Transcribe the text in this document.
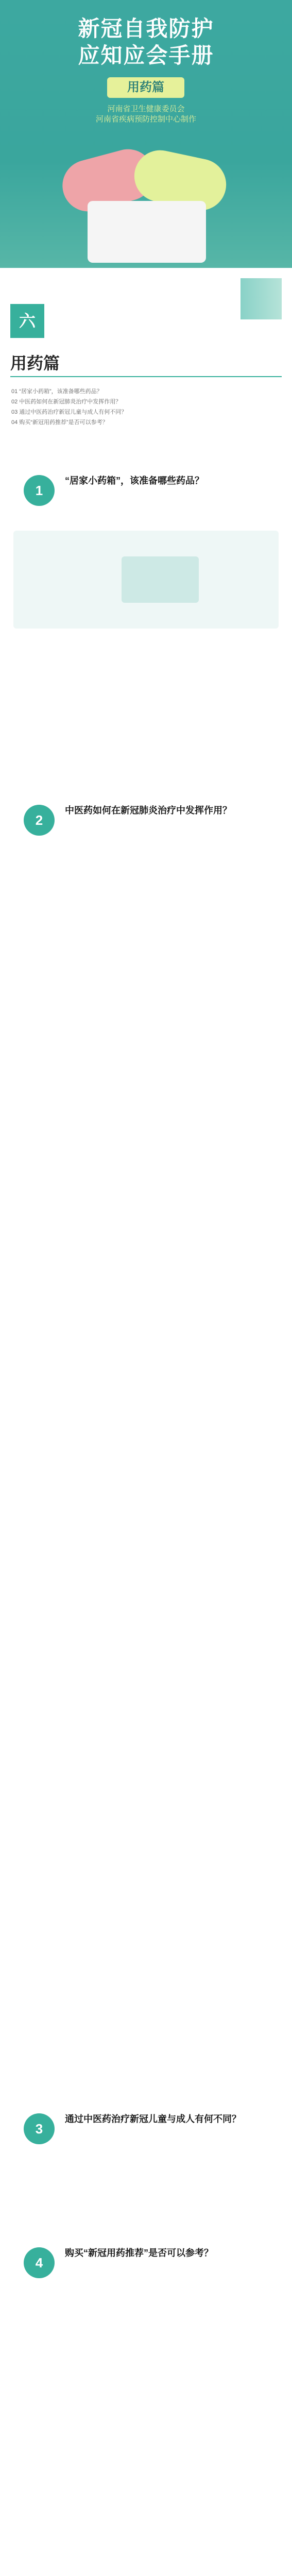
新冠自我防护
应知应会手册
用药篇
河南省卫生健康委员会
河南省疾病预防控制中心制作
六
用药篇
01 “居家小药箱”，该准备哪些药品？
02 中医药如何在新冠肺炎治疗中发挥作用？
03 通过中医药治疗新冠儿童与成人有何不同？
04 购买“新冠用药推荐”是否可以参考？
1
“居家小药箱”，该准备哪些药品？
2
中医药如何在新冠肺炎治疗中发挥作用？
3
通过中医药治疗新冠儿童与成人有何不同？
4
购买“新冠用药推荐”是否可以参考？
